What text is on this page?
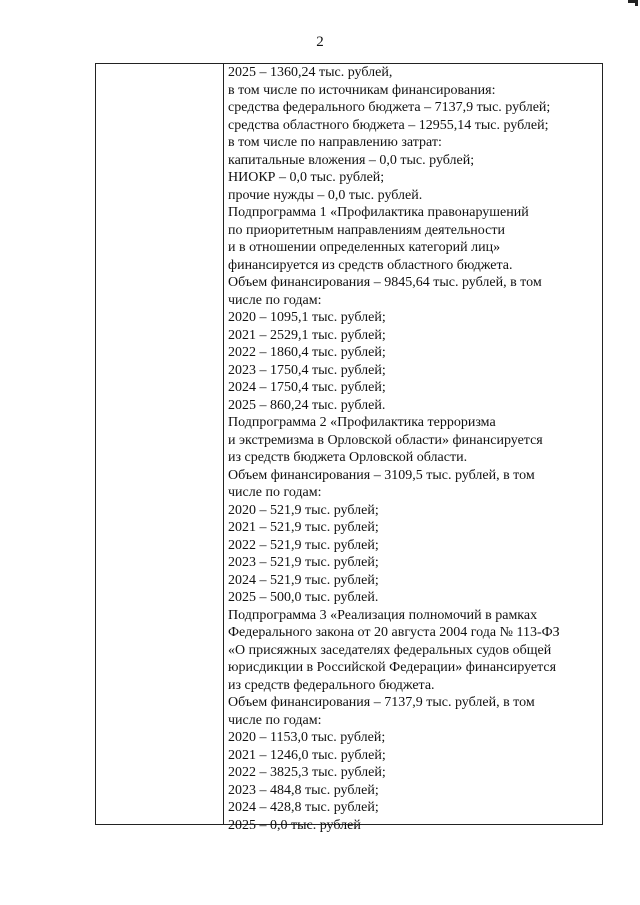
2
2025 – 1360,24 тыс. рублей,
в том числе по источникам финансирования:
средства федерального бюджета – 7137,9 тыс. рублей;
средства областного бюджета – 12955,14 тыс. рублей;
в том числе по направлению затрат:
капитальные вложения – 0,0 тыс. рублей;
НИОКР – 0,0 тыс. рублей;
прочие нужды – 0,0 тыс. рублей.
Подпрограмма 1 «Профилактика правонарушений
по приоритетным направлениям деятельности
и в отношении определенных категорий лиц»
финансируется из средств областного бюджета.
Объем финансирования – 9845,64 тыс. рублей, в том
числе по годам:
2020 – 1095,1 тыс. рублей;
2021 – 2529,1 тыс. рублей;
2022 – 1860,4 тыс. рублей;
2023 – 1750,4 тыс. рублей;
2024 – 1750,4 тыс. рублей;
2025 – 860,24 тыс. рублей.
Подпрограмма 2 «Профилактика терроризма
и экстремизма в Орловской области» финансируется
из средств бюджета Орловской области.
Объем финансирования – 3109,5 тыс. рублей, в том
числе по годам:
2020 – 521,9 тыс. рублей;
2021 – 521,9 тыс. рублей;
2022 – 521,9 тыс. рублей;
2023 – 521,9 тыс. рублей;
2024 – 521,9 тыс. рублей;
2025 – 500,0 тыс. рублей.
Подпрограмма 3 «Реализация полномочий в рамках
Федерального закона от 20 августа 2004 года № 113-ФЗ
«О присяжных заседателях федеральных судов общей
юрисдикции в Российской Федерации» финансируется
из средств федерального бюджета.
Объем финансирования – 7137,9 тыс. рублей, в том
числе по годам:
2020 – 1153,0 тыс. рублей;
2021 – 1246,0 тыс. рублей;
2022 – 3825,3 тыс. рублей;
2023 – 484,8 тыс. рублей;
2024 – 428,8 тыс. рублей;
2025 – 0,0 тыс. рублей
